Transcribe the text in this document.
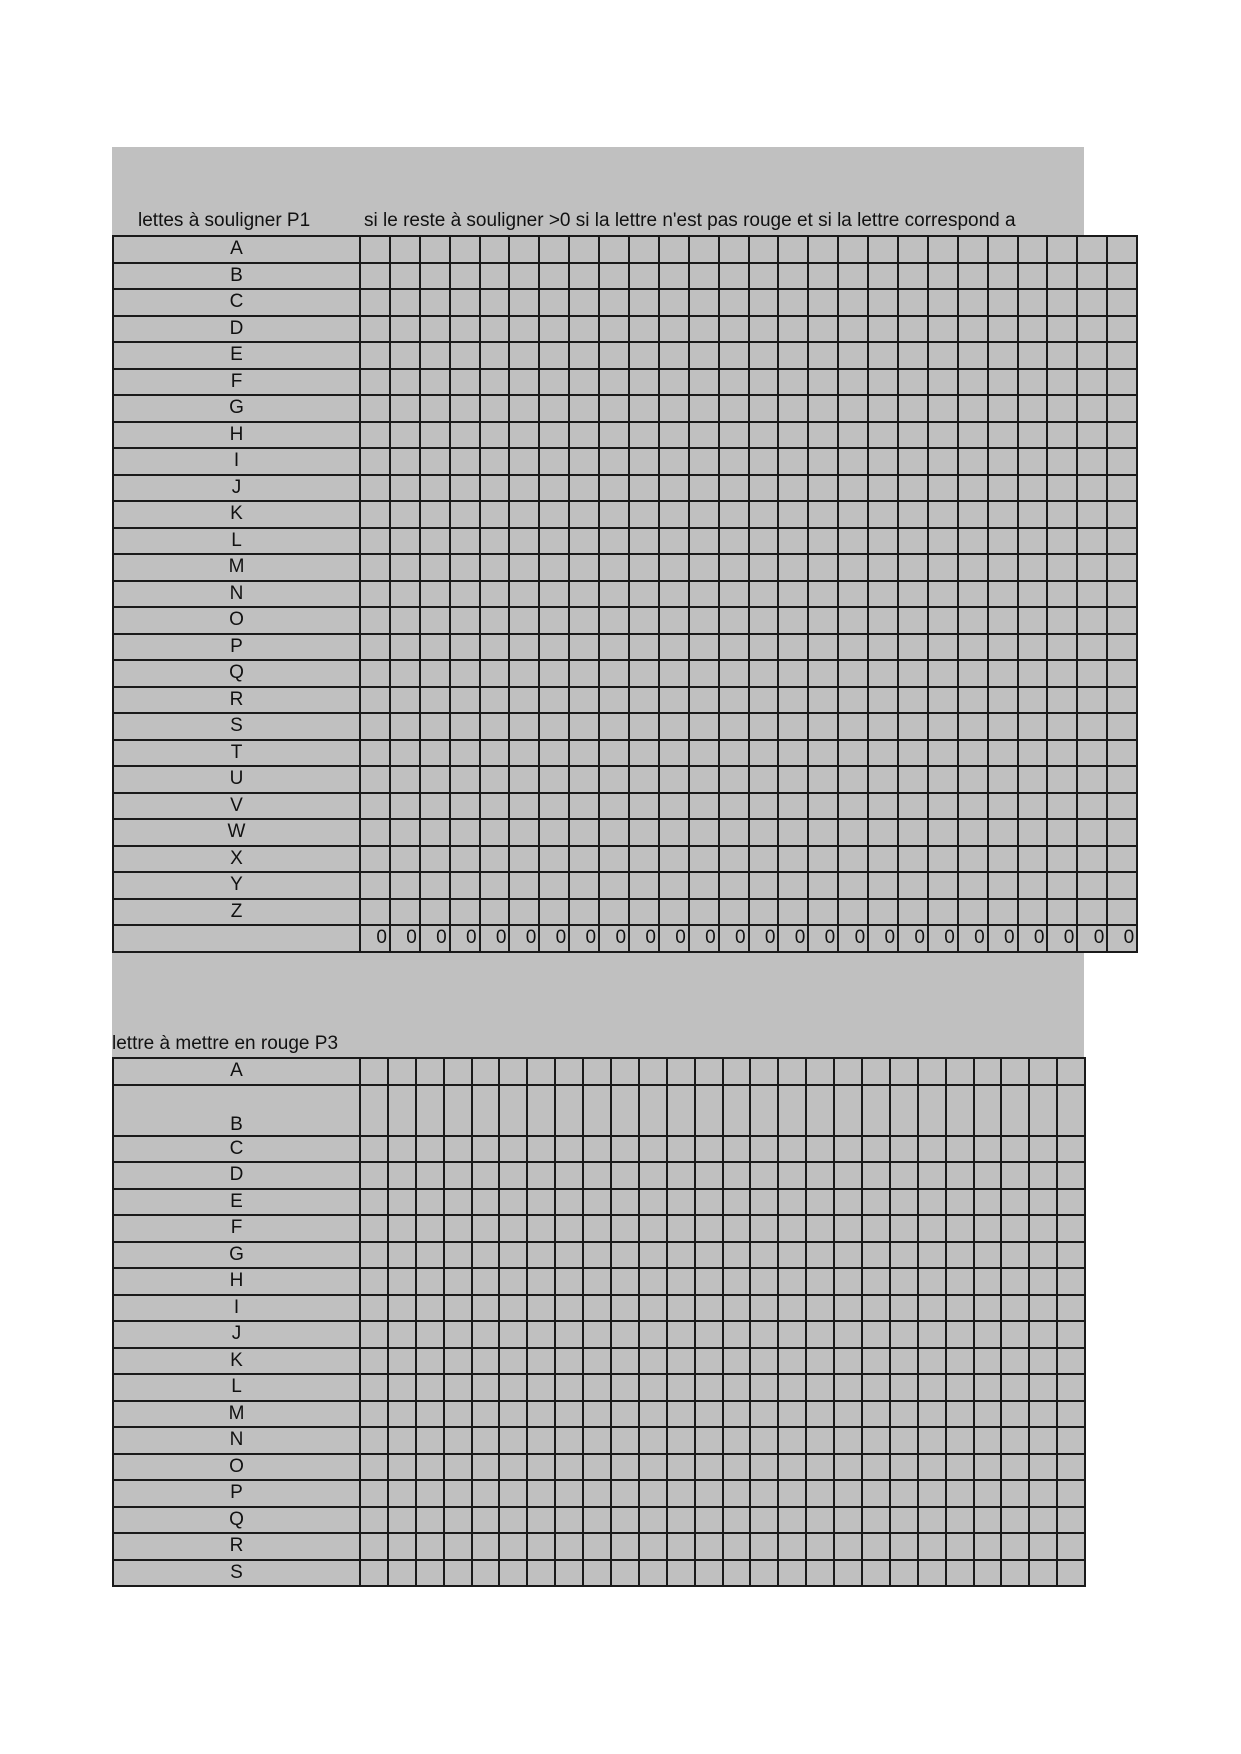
lettes à souligner P1	si le reste à souligner >0 si la lettre n'est pas rouge et si la lettre correspond a
A																										
B																										
C																										
D																										
E																										
F																										
G																										
H																										
I																										
J																										
K																										
L																										
M																										
N																										
O																										
P																										
Q																										
R																										
S																										
T																										
U																										
V																										
W																										
X																										
Y																										
Z																										
	0	0	0	0	0	0	0	0	0	0	0	0	0	0	0	0	0	0	0	0	0	0	0	0	0	0
lettre à mettre en rouge P3
A																										
B																										
C																										
D																										
E																										
F																										
G																										
H																										
I																										
J																										
K																										
L																										
M																										
N																										
O																										
P																										
Q																										
R																										
S																										
